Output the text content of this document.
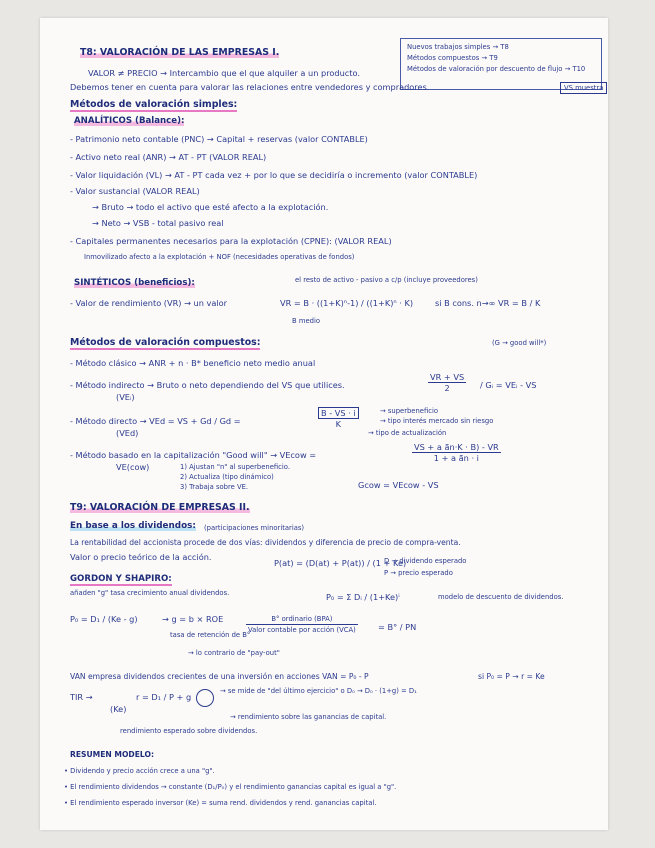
Nuevos trabajos simples → T8
Métodos compuestos → T9
Métodos de valoración por descuento de flujo → T10
VS muestra
T8: VALORACIÓN DE LAS EMPRESAS I.
VALOR ≠ PRECIO → Intercambio que el que alquiler a un producto.
Debemos tener en cuenta para valorar las relaciones entre vendedores y compradores.
Métodos de valoración simples:
ANALÍTICOS (Balance):
- Patrimonio neto contable (PNC) → Capital + reservas (valor CONTABLE)
- Activo neto real (ANR) → AT - PT (VALOR REAL)
- Valor liquidación (VL) → AT - PT cada vez + por lo que se decidiría o incremento (valor CONTABLE)
- Valor sustancial (VALOR REAL)
→ Bruto → todo el activo que esté afecto a la explotación.
→ Neto → VSB - total pasivo real
- Capitales permanentes necesarios para la explotación (CPNE): (VALOR REAL)
Inmovilizado afecto a la explotación + NOF (necesidades operativas de fondos)
el resto de activo - pasivo a c/p (incluye proveedores)
SINTÉTICOS (beneficios):
- Valor de rendimiento (VR) → un valor	VR = B · ((1+K)ⁿ-1) / ((1+K)ⁿ · K)	si B cons. n→∞ VR = B / K
B medio
Métodos de valoración compuestos:	(G → good will*)
- Método clásico → ANR + n · B* beneficio neto medio anual
- Método indirecto → Bruto o neto dependiendo del VS que utilices.
(VEᵢ)
$\frac{VR + VS}{2}$ / Gᵢ = VEᵢ - VS
- Método directo → VEd = VS + Gd / Gd =
(VEd)
$\frac{B - VS \cdot i}{K}$	→ superbeneficio
→ tipo interés mercado sin riesgo
→ tipo de actualización
- Método basado en la capitalización "Good will" → VEcow =
VE(cow)
$\frac{\text{VS + a ā̄n·K · B) - VR}}{\text{1 + a ā̄n · i}}$
1) Ajustan "n" al superbeneficio.
2) Actualiza (tipo dinámico)
3) Trabaja sobre VE.	Gcow = VEcow - VS
T9: VALORACIÓN DE EMPRESAS II.
En base a los dividendos: (participaciones minoritarias)
La rentabilidad del accionista procede de dos vías: dividendos y diferencia de precio de compra-venta.
Valor o precio teórico de la acción.
P(at) = (D(at) + P(at)) / (1 + Ke)
D → dividendo esperado
P → precio esperado
GORDON Y SHAPIRO:
añaden "g" tasa crecimiento anual dividendos.	P₀ = Σ Dᵢ / (1+Ke)ⁱ	modelo de descuento de dividendos.
P₀ = D₁ / (Ke - g)	→ g = b × ROE
tasa de retención de B°
$\frac{\text{B° ordinario (BPA)}}{\text{Valor contable por acción (VCA)}} = B^\circ$ / PN
→ lo contrario de "pay-out"
VAN empresa dividendos crecientes de una inversión en acciones VAN = P₀ - P	si P₀ = P → r = Ke
TIR →
(Ke)
r = D₁ / P + g
→ se mide de "del último ejercicio" o D₀ → D₀ · (1+g) = D₁
→ rendimiento sobre las ganancias de capital.
rendimiento esperado sobre dividendos.
RESUMEN MODELO:
• Dividendo y precio acción crece a una "g".
• El rendimiento dividendos → constante (D₁/P₀) y el rendimiento ganancias capital es igual a "g".
• El rendimiento esperado inversor (Ke) = suma rend. dividendos y rend. ganancias capital.
